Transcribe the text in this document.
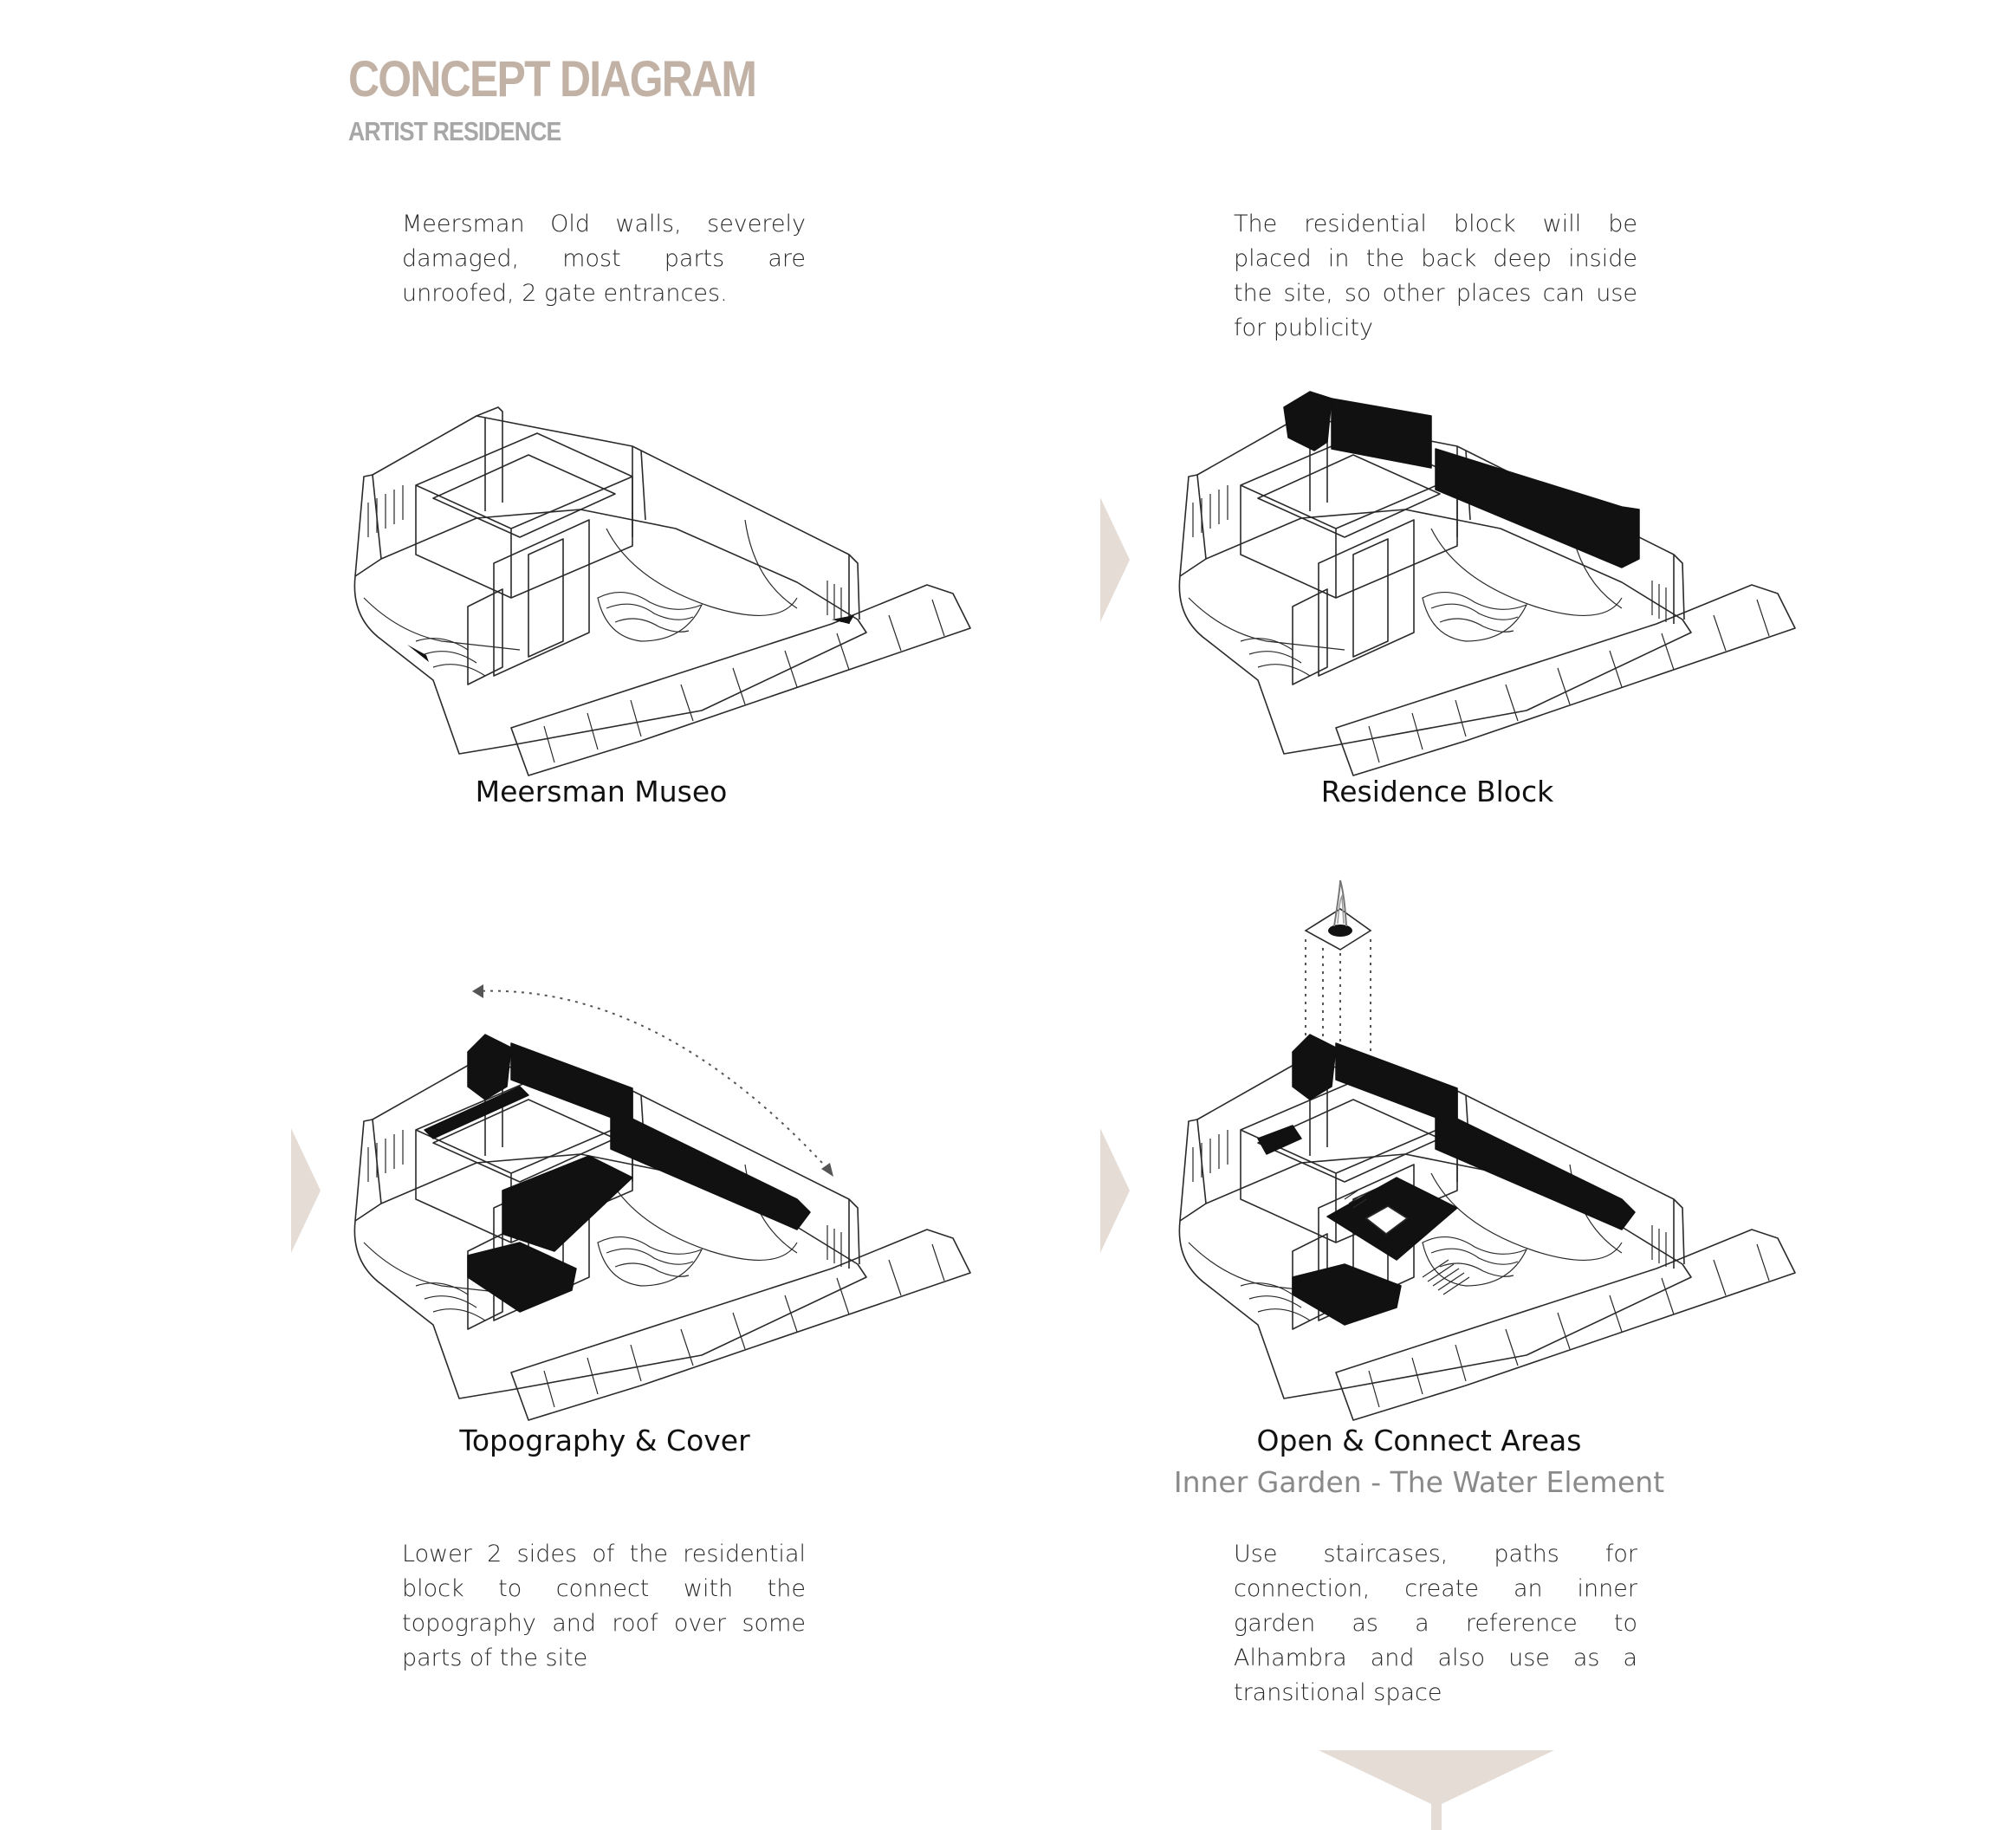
CONCEPT DIAGRAM
ARTIST RESIDENCE
Meersman Old walls, severely damaged, most parts are unroofed, 2 gate entrances.
The residential block will be placed in the back deep inside the site, so other places can use for publicity
Lower 2 sides of the residential block to connect with the topography and roof over some parts of the site
Use staircases, paths for connection, create an inner garden as a reference to Alhambra and also use as a transitional space
Meersman Museo	Residence Block
Topography & Cover	Open & Connect Areas
Inner Garden - The Water Element
